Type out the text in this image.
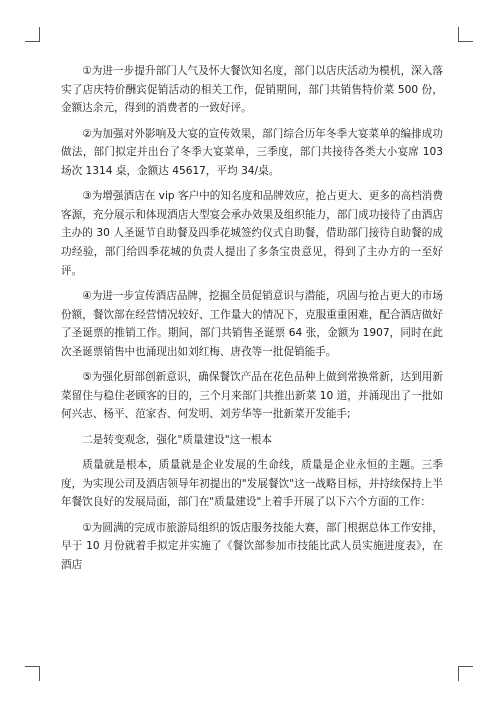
①为进一步提升部门人气及怀大餐饮知名度，部门以店庆活动为模机，深入落实了店庆特价酬宾促销活动的相关工作，促销期间，部门共销售特价菜 500 份，金额达余元，得到的消费者的一致好评。

②为加强对外影响及大宴的宣传效果，部门综合历年冬季大宴菜单的编排成功做法，部门拟定并出台了冬季大宴菜单，三季度，部门共接待各类大小宴席 103 场次 1314 桌，金额达 45617，平均 34/桌。

③为增强酒店在 vip 客户中的知名度和品牌效应，抢占更大、更多的高档消费客源，充分展示和体现酒店大型宴会承办效果及组织能力，部门成功接待了由酒店主办的 30 人圣诞节自助餐及四季花城签约仪式自助餐，借助部门接待自助餐的成功经验，部门给四季花城的负责人提出了多条宝贵意见，得到了主办方的一至好评。

④为进一步宣传酒店品牌，挖掘全员促销意识与潜能，巩固与抢占更大的市场份额，餐饮部在经营情况较好、工作量大的情况下，克服重重困难，配合酒店做好了圣诞票的推销工作。期间，部门共销售圣诞票 64 张，金额为 1907，同时在此次圣诞票销售中也涌现出如刘红梅、唐孜等一批促销能手。

⑤为强化厨部创新意识，确保餐饮产品在花色品种上做到常换常新，达到用新菜留住与稳住老顾客的目的，三个月来部门共推出新菜 10 道，并涌现出了一批如何兴志、杨平、范家杏、何发明、刘芳华等一批新菜开发能手;

二是转变观念，强化"质量建设"这一根本

质量就是根本，质量就是企业发展的生命线，质量是企业永恒的主题。三季度，为实现公司及酒店领导年初提出的"发展餐饮"这一战略目标，并持续保持上半年餐饮良好的发展局面，部门在"质量建设"上着手开展了以下六个方面的工作：

①为圆满的完成市旅游局组织的饭店服务技能大赛，部门根据总体工作安排，早于 10 月份就着手拟定并实施了《餐饮部参加市技能比武人员实施进度表》，在酒店
